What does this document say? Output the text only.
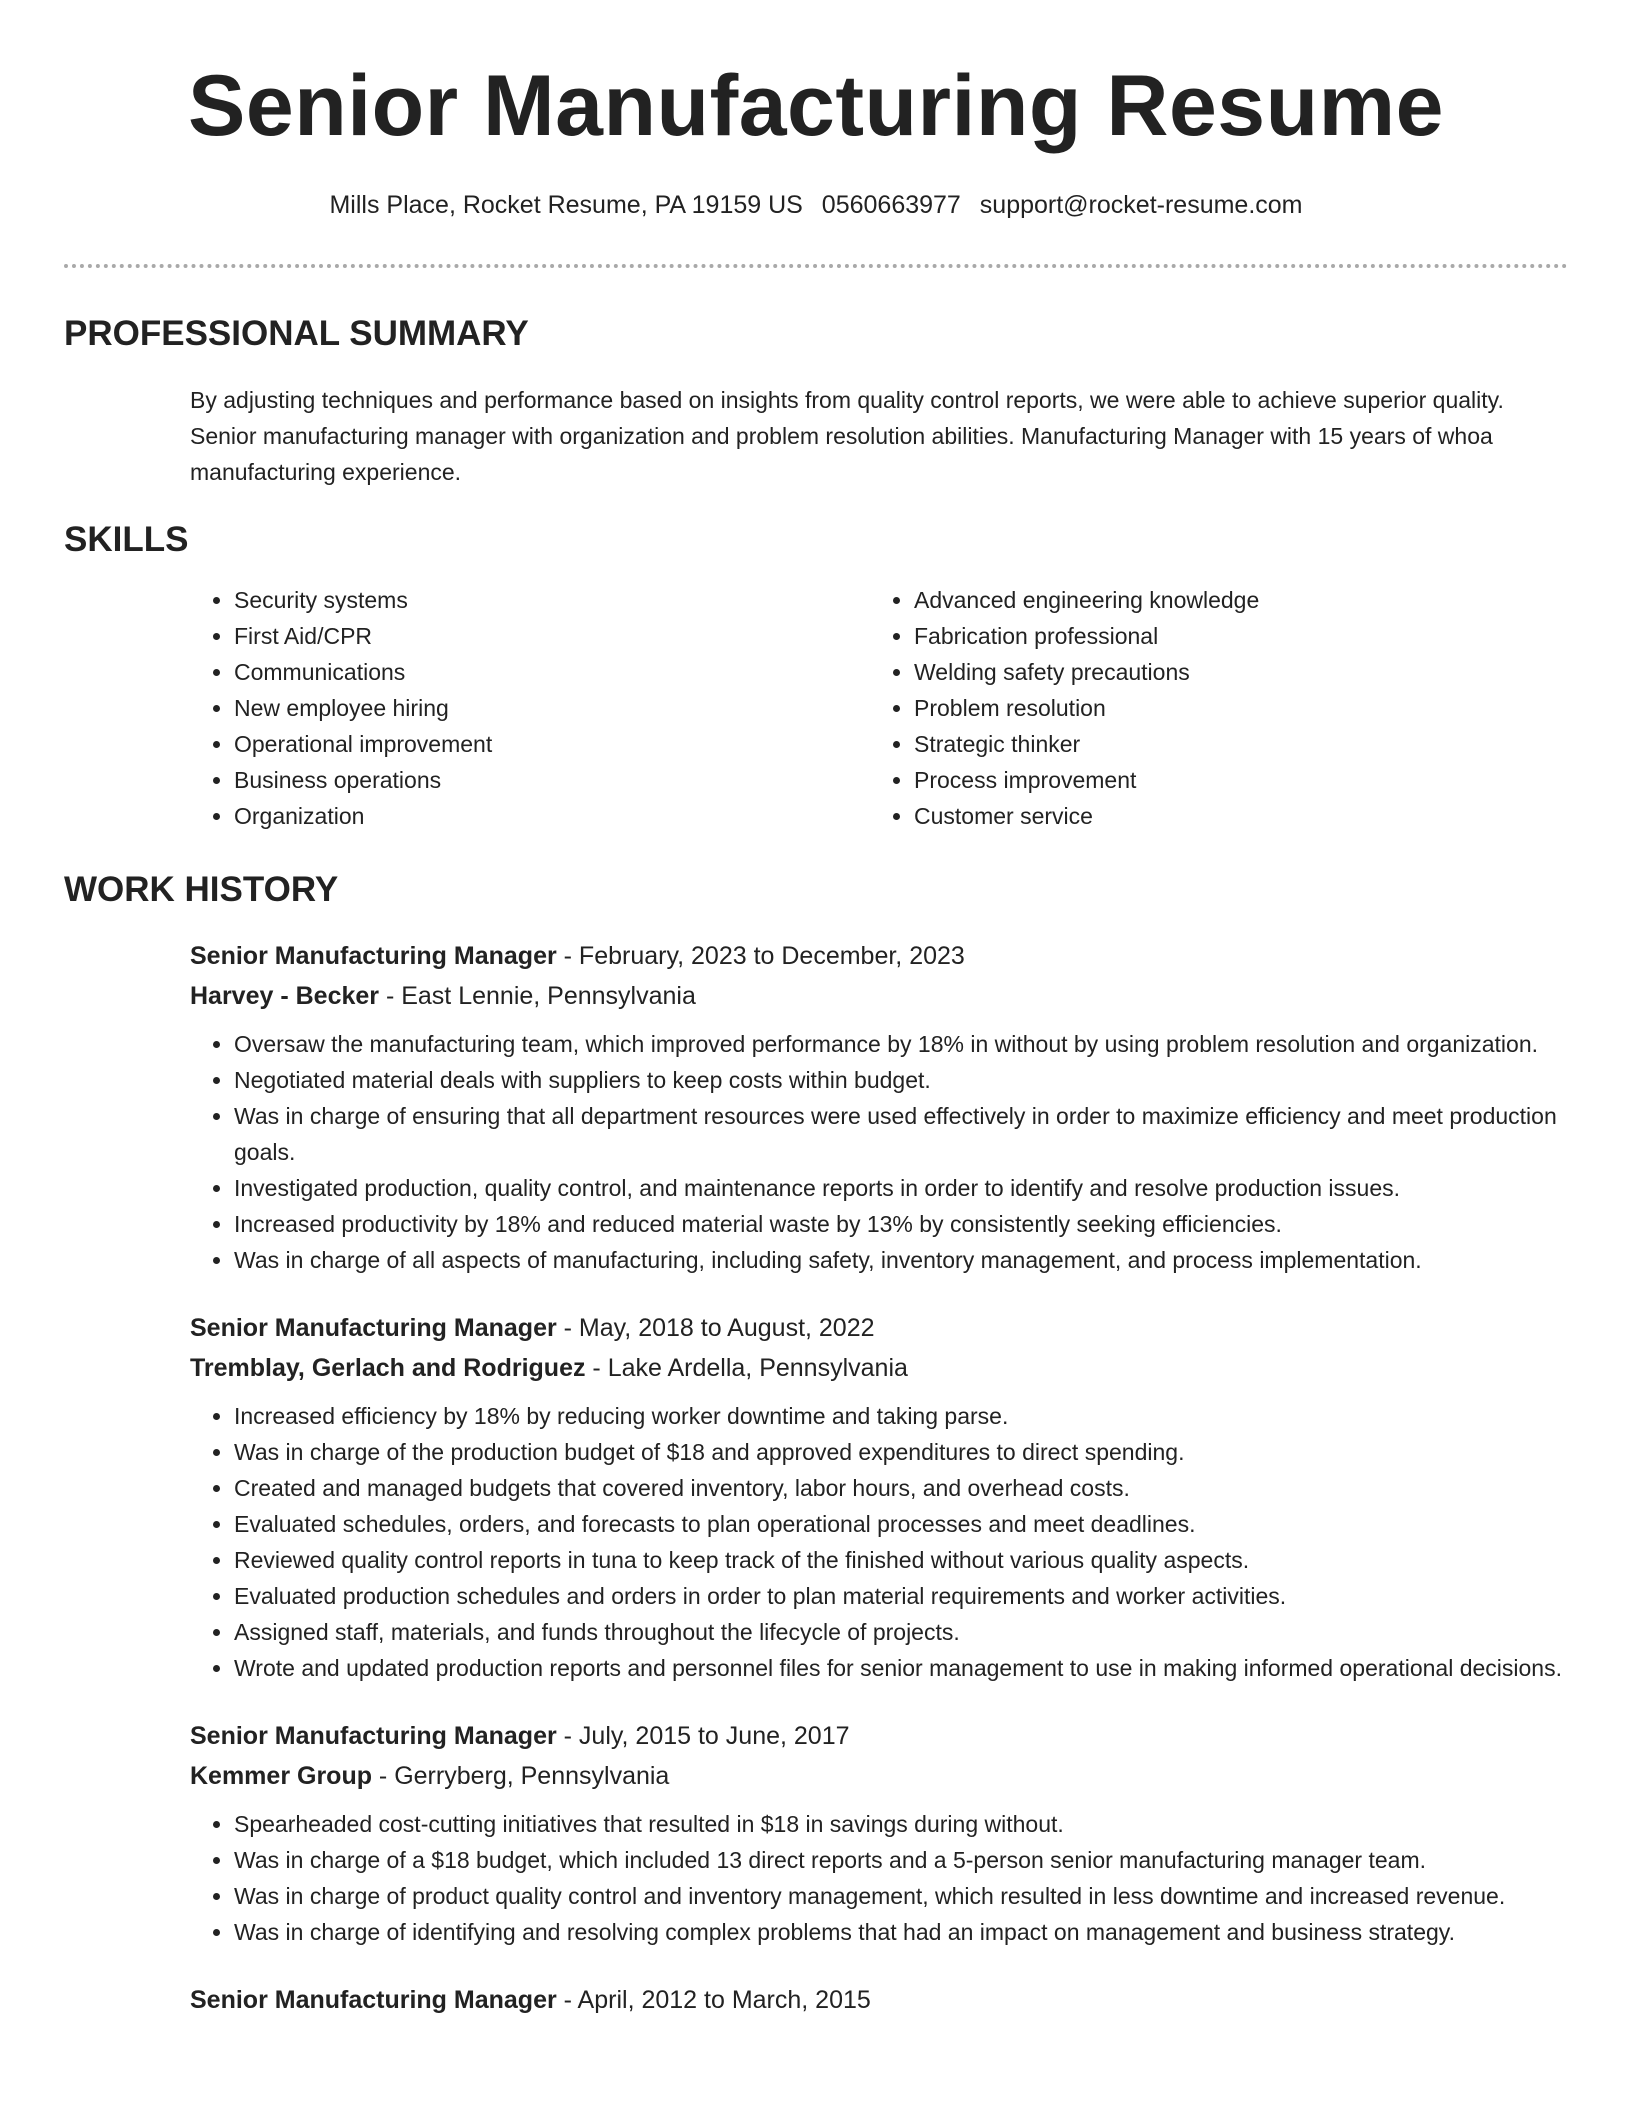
Senior Manufacturing Resume
Mills Place, Rocket Resume, PA 19159 US 0560663977 support@rocket-resume.com
PROFESSIONAL SUMMARY
By adjusting techniques and performance based on insights from quality control reports, we were able to achieve superior quality. Senior manufacturing manager with organization and problem resolution abilities. Manufacturing Manager with 15 years of whoa manufacturing experience.
SKILLS
• Security systems
• First Aid/CPR
• Communications
• New employee hiring
• Operational improvement
• Business operations
• Organization
• Advanced engineering knowledge
• Fabrication professional
• Welding safety precautions
• Problem resolution
• Strategic thinker
• Process improvement
• Customer service
WORK HISTORY
Senior Manufacturing Manager - February, 2023 to December, 2023
Harvey - Becker - East Lennie, Pennsylvania
• Oversaw the manufacturing team, which improved performance by 18% in without by using problem resolution and organization.
• Negotiated material deals with suppliers to keep costs within budget.
• Was in charge of ensuring that all department resources were used effectively in order to maximize efficiency and meet production goals.
• Investigated production, quality control, and maintenance reports in order to identify and resolve production issues.
• Increased productivity by 18% and reduced material waste by 13% by consistently seeking efficiencies.
• Was in charge of all aspects of manufacturing, including safety, inventory management, and process implementation.
Senior Manufacturing Manager - May, 2018 to August, 2022
Tremblay, Gerlach and Rodriguez - Lake Ardella, Pennsylvania
• Increased efficiency by 18% by reducing worker downtime and taking parse.
• Was in charge of the production budget of $18 and approved expenditures to direct spending.
• Created and managed budgets that covered inventory, labor hours, and overhead costs.
• Evaluated schedules, orders, and forecasts to plan operational processes and meet deadlines.
• Reviewed quality control reports in tuna to keep track of the finished without various quality aspects.
• Evaluated production schedules and orders in order to plan material requirements and worker activities.
• Assigned staff, materials, and funds throughout the lifecycle of projects.
• Wrote and updated production reports and personnel files for senior management to use in making informed operational decisions.
Senior Manufacturing Manager - July, 2015 to June, 2017
Kemmer Group - Gerryberg, Pennsylvania
• Spearheaded cost-cutting initiatives that resulted in $18 in savings during without.
• Was in charge of a $18 budget, which included 13 direct reports and a 5-person senior manufacturing manager team.
• Was in charge of product quality control and inventory management, which resulted in less downtime and increased revenue.
• Was in charge of identifying and resolving complex problems that had an impact on management and business strategy.
Senior Manufacturing Manager - April, 2012 to March, 2015
